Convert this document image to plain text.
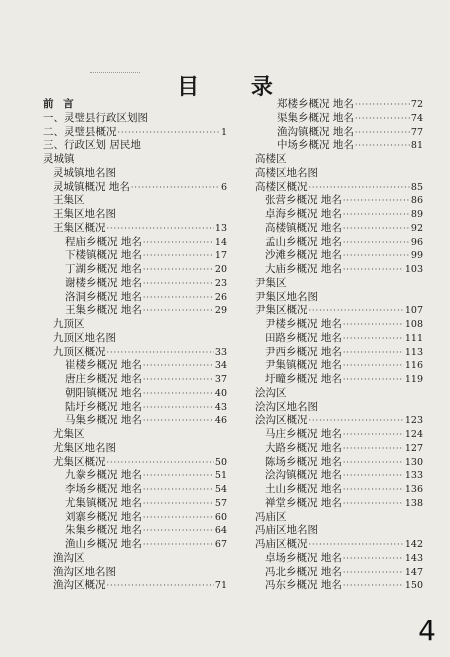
目 录
前 言
一、灵璧县行政区划图
二、灵璧县概况 ·····	1
三、行政区划 居民地
灵城镇
灵城镇地名图
灵城镇概况 地名 ·····	6
王集区
王集区地名图
王集区概况 ·····	13
程庙乡概况 地名 ·····	14
下楼镇概况 地名 ·····	17
丁湖乡概况 地名 ·····	20
谢楼乡概况 地名 ·····	23
洛洞乡概况 地名 ·····	26
王集乡概况 地名 ·····	29
九顶区
九顶区地名图
九顶区概况 ·····	33
崔楼乡概况 地名 ·····	34
唐庄乡概况 地名 ·····	37
朝阳镇概况 地名 ·····	40
陆圩乡概况 地名 ·····	43
马集乡概况 地名 ·····	46
尤集区
尤集区地名图
尤集区概况 ·····	50
九豢乡概况 地名 ·····	51
李场乡概况 地名 ·····	54
尤集镇概况 地名 ·····	57
刘寨乡概况 地名 ·····	60
朱集乡概况 地名 ·····	64
渔山乡概况 地名 ·····	67
渔沟区
渔沟区地名图
渔沟区概况 ·····	71
郑楼乡概况 地名 ·····	72
渠集乡概况 地名 ·····	74
渔沟镇概况 地名 ·····	77
中场乡概况 地名 ·····	81
高楼区
高楼区地名图
高楼区概况 ·····	85
张营乡概况 地名 ·····	86
卓海乡概况 地名 ·····	89
高楼镇概况 地名 ·····	92
孟山乡概况 地名 ·····	96
沙滩乡概况 地名 ·····	99
大庙乡概况 地名 ·····	103
尹集区
尹集区地名图
尹集区概况 ·····	107
尹楼乡概况 地名 ·····	108
田路乡概况 地名 ·····	111
尹西乡概况 地名 ·····	113
尹集镇概况 地名 ·····	116
圩疃乡概况 地名 ·····	119
浍沟区
浍沟区地名图
浍沟区概况 ·····	123
马庄乡概况 地名 ·····	124
大路乡概况 地名 ·····	127
陈场乡概况 地名 ·····	130
浍沟镇概况 地名 ·····	133
土山乡概况 地名 ·····	136
禅堂乡概况 地名 ·····	138
冯庙区
冯庙区地名图
冯庙区概况 ·····	142
卓场乡概况 地名 ·····	143
冯北乡概况 地名 ·····	147
冯东乡概况 地名 ·····	150
4
